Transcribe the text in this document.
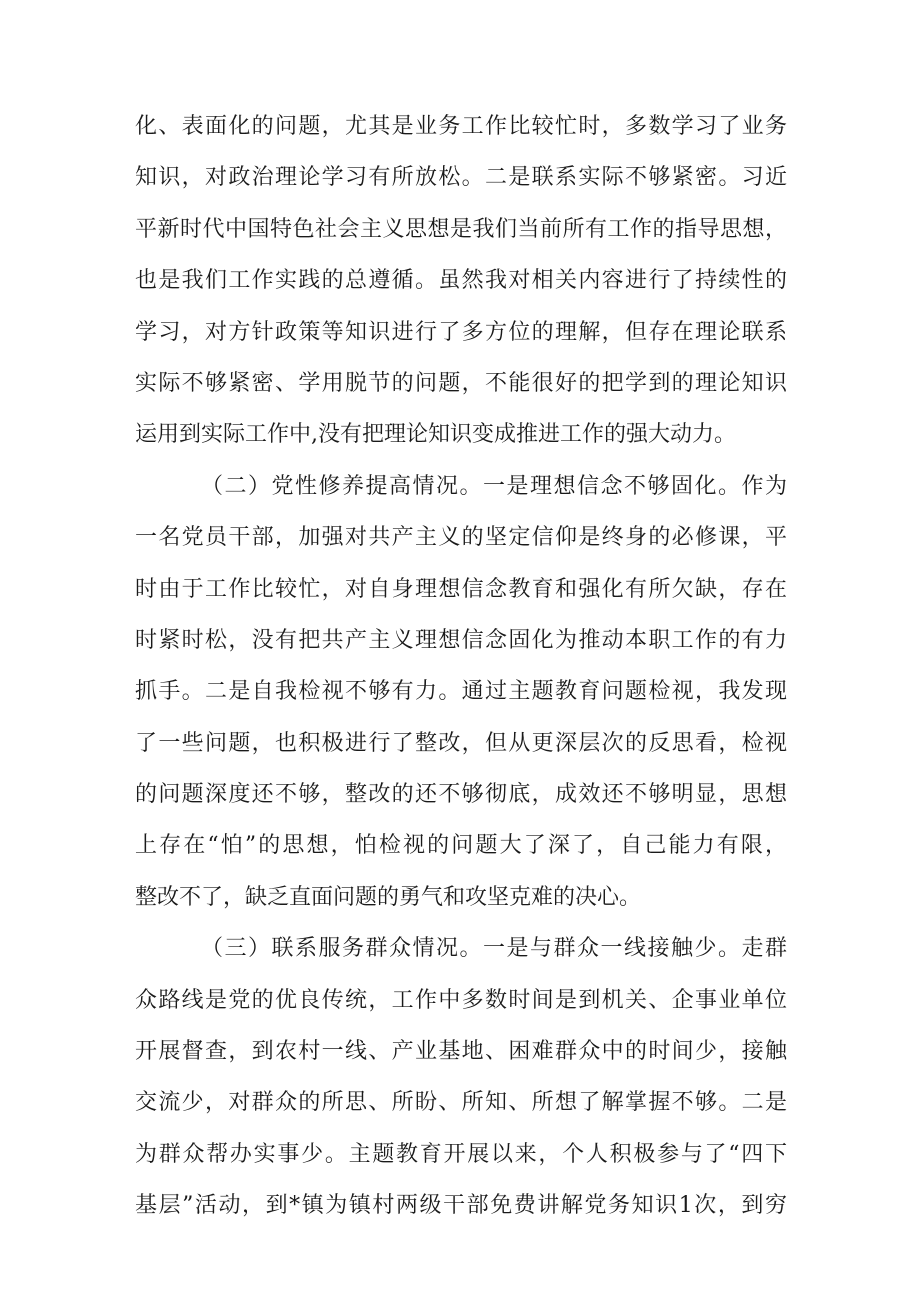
化、表面化的问题，尤其是业务工作比较忙时，多数学习了业务
知识，对政治理论学习有所放松。二是联系实际不够紧密。习近
平新时代中国特色社会主义思想是我们当前所有工作的指导思想，
也是我们工作实践的总遵循。虽然我对相关内容进行了持续性的
学习，对方针政策等知识进行了多方位的理解，但存在理论联系
实际不够紧密、学用脱节的问题，不能很好的把学到的理论知识
运用到实际工作中,没有把理论知识变成推进工作的强大动力。
（二）党性修养提高情况。一是理想信念不够固化。作为
一名党员干部，加强对共产主义的坚定信仰是终身的必修课，平
时由于工作比较忙，对自身理想信念教育和强化有所欠缺，存在
时紧时松，没有把共产主义理想信念固化为推动本职工作的有力
抓手。二是自我检视不够有力。通过主题教育问题检视，我发现
了一些问题，也积极进行了整改，但从更深层次的反思看，检视
的问题深度还不够，整改的还不够彻底，成效还不够明显，思想
上存在“怕”的思想，怕检视的问题大了深了，自己能力有限，
整改不了，缺乏直面问题的勇气和攻坚克难的决心。
（三）联系服务群众情况。一是与群众一线接触少。走群
众路线是党的优良传统，工作中多数时间是到机关、企事业单位
开展督查，到农村一线、产业基地、困难群众中的时间少，接触
交流少，对群众的所思、所盼、所知、所想了解掌握不够。二是
为群众帮办实事少。主题教育开展以来，个人积极参与了“四下
基层”活动，到*镇为镇村两级干部免费讲解党务知识1次，到穷
